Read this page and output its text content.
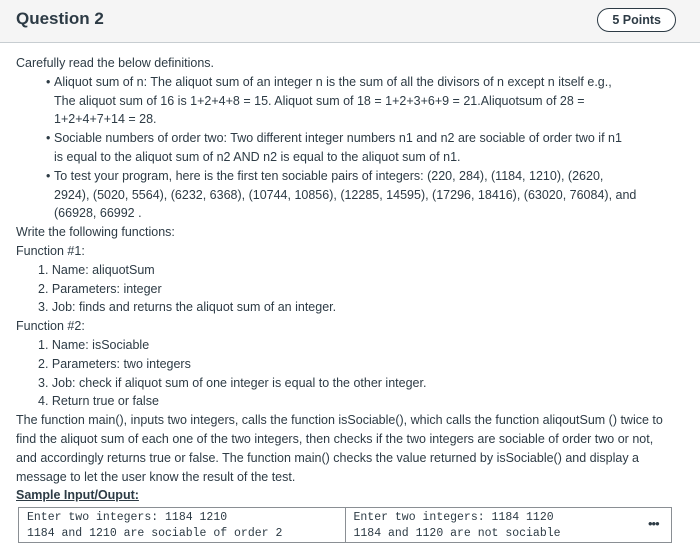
Question 2	5 Points
Carefully read the below definitions.
• Aliquot sum of n: The aliquot sum of an integer n is the sum of all the divisors of n except n itself e.g.,
The aliquot sum of 16 is 1+2+4+8 = 15. Aliquot sum of 18 = 1+2+3+6+9 = 21.Aliquotsum of 28 =
1+2+4+7+14 = 28.
• Sociable numbers of order two: Two different integer numbers n1 and n2 are sociable of order two if n1
is equal to the aliquot sum of n2 AND n2 is equal to the aliquot sum of n1.
• To test your program, here is the first ten sociable pairs of integers: (220, 284), (1184, 1210), (2620,
2924), (5020, 5564), (6232, 6368), (10744, 10856), (12285, 14595), (17296, 18416), (63020, 76084), and
(66928, 66992 .
Write the following functions:
Function #1:
1. Name: aliquotSum
2. Parameters: integer
3. Job: finds and returns the aliquot sum of an integer.
Function #2:
1. Name: isSociable
2. Parameters: two integers
3. Job: check if aliquot sum of one integer is equal to the other integer.
4. Return true or false
The function main(), inputs two integers, calls the function isSociable(), which calls the function aliqoutSum () twice to
find the aliquot sum of each one of the two integers, then checks if the two integers are sociable of order two or not,
and accordingly returns true or false. The function main() checks the value returned by isSociable() and display a
message to let the user know the result of the test.
Sample Input/Ouput:
Enter two integers: 1184 1210
1184 and 1210 are sociable of order 2

Enter two integers: 1184 1120
1184 and 1120 are not sociable
•••
